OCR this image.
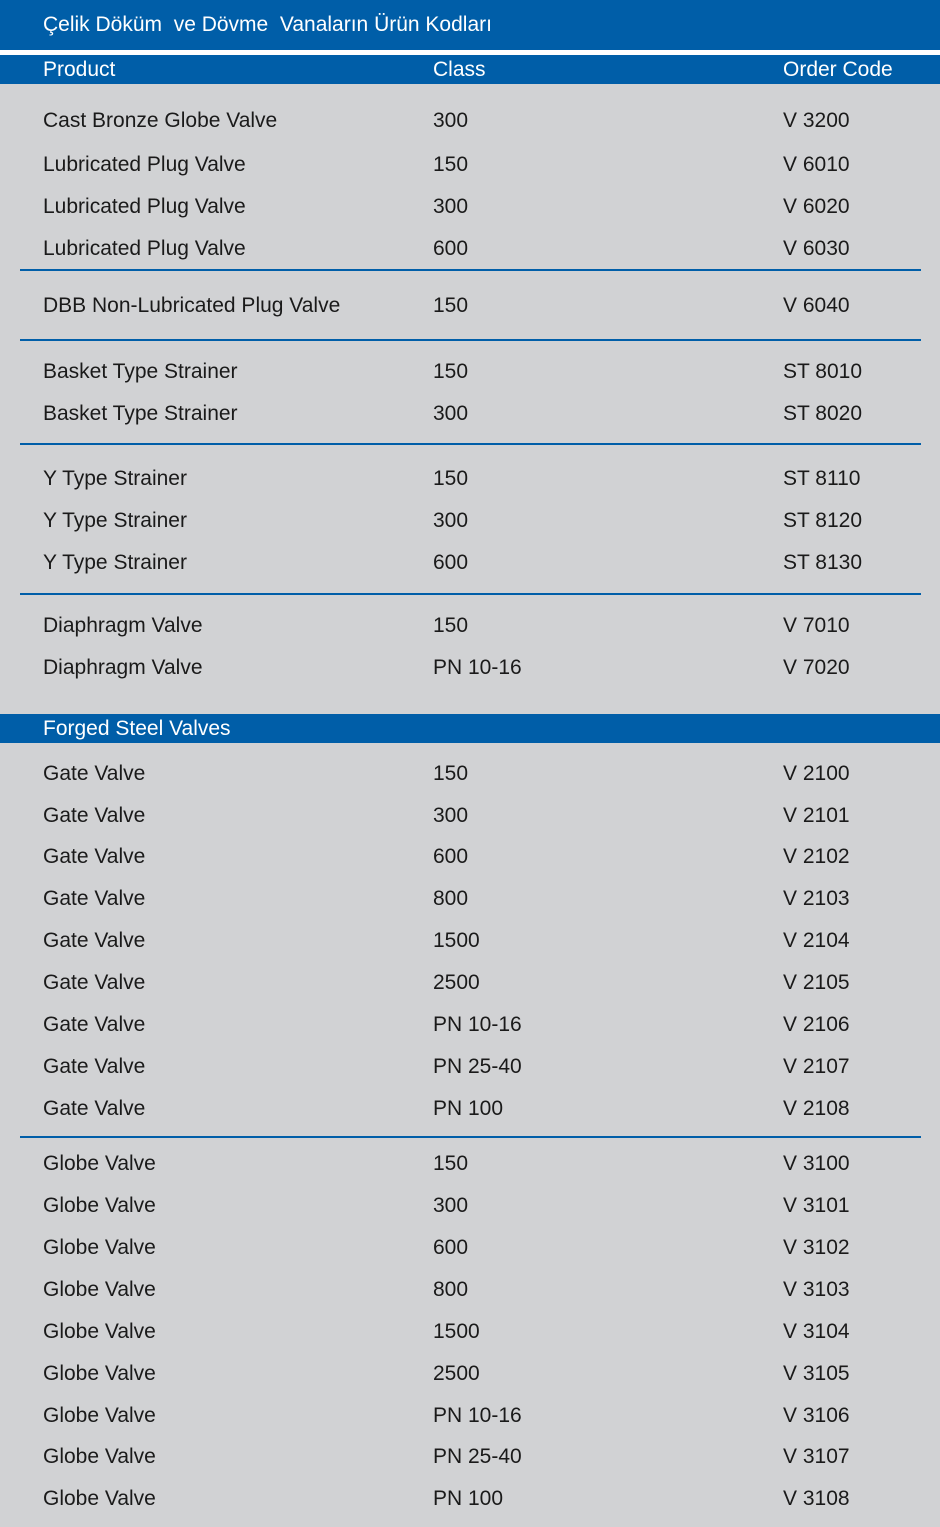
Çelik Döküm  ve Dövme  Vanaların Ürün Kodları
Product	Class	Order Code
Cast Bronze Globe Valve	300	V 3200
Lubricated Plug Valve	150	V 6010
Lubricated Plug Valve	300	V 6020
Lubricated Plug Valve	600	V 6030
DBB Non-Lubricated Plug Valve	150	V 6040
Basket Type Strainer	150	ST 8010
Basket Type Strainer	300	ST 8020
Y Type Strainer	150	ST 8110
Y Type Strainer	300	ST 8120
Y Type Strainer	600	ST 8130
Diaphragm Valve	150	V 7010
Diaphragm Valve	PN 10-16	V 7020
Forged Steel Valves
Gate Valve	150	V 2100
Gate Valve	300	V 2101
Gate Valve	600	V 2102
Gate Valve	800	V 2103
Gate Valve	1500	V 2104
Gate Valve	2500	V 2105
Gate Valve	PN 10-16	V 2106
Gate Valve	PN 25-40	V 2107
Gate Valve	PN 100	V 2108
Globe Valve	150	V 3100
Globe Valve	300	V 3101
Globe Valve	600	V 3102
Globe Valve	800	V 3103
Globe Valve	1500	V 3104
Globe Valve	2500	V 3105
Globe Valve	PN 10-16	V 3106
Globe Valve	PN 25-40	V 3107
Globe Valve	PN 100	V 3108
